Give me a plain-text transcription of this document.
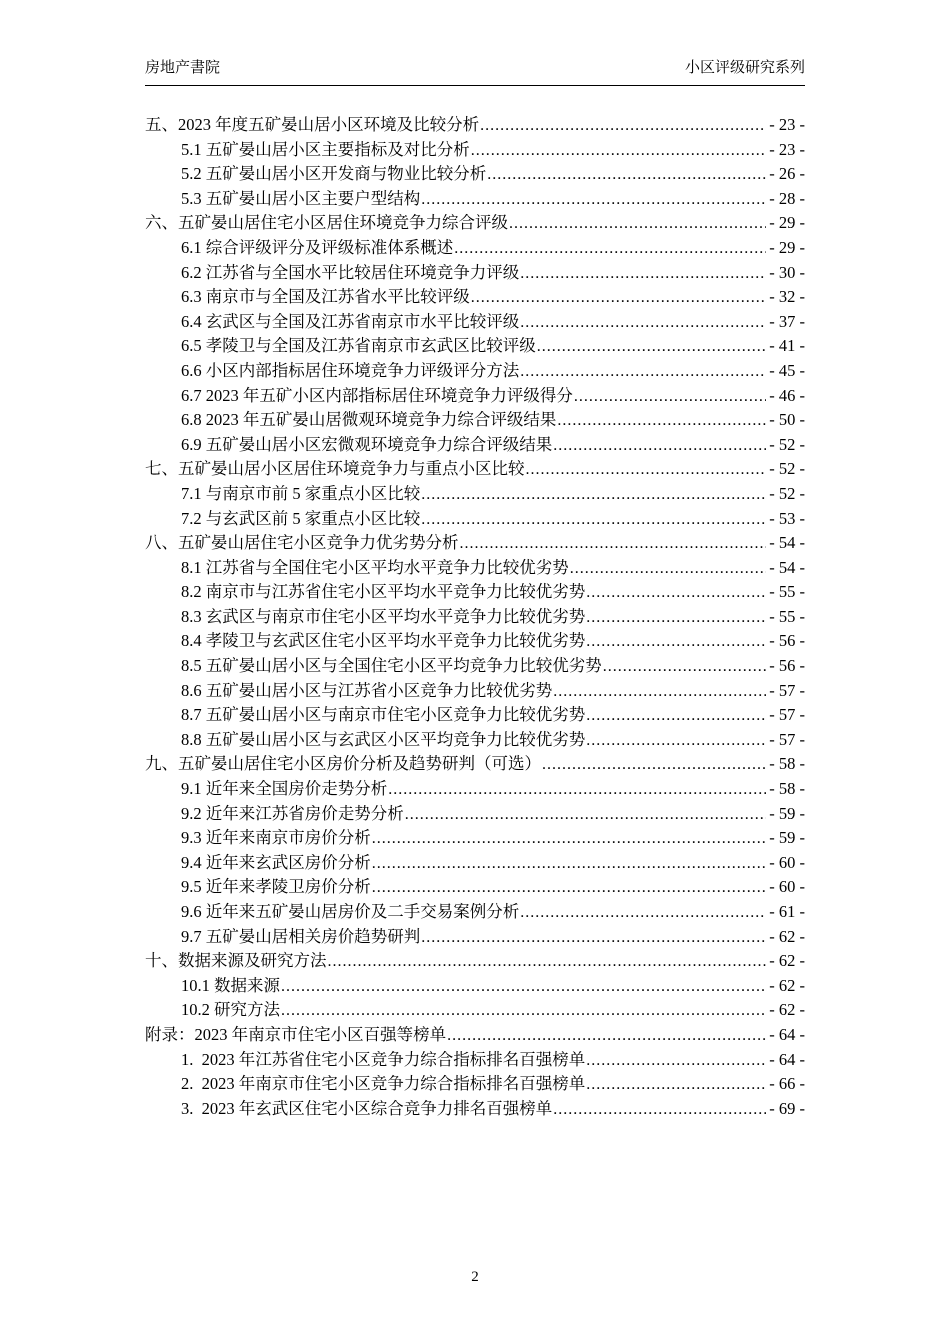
房地产書院	小区评级研究系列
五、2023 年度五矿晏山居小区环境及比较分析 .....	- 23 -
5.1 五矿晏山居小区主要指标及对比分析 .....	- 23 -
5.2 五矿晏山居小区开发商与物业比较分析 .....	- 26 -
5.3 五矿晏山居小区主要户型结构 .....	- 28 -
六、五矿晏山居住宅小区居住环境竞争力综合评级 .....	- 29 -
6.1 综合评级评分及评级标准体系概述 .....	- 29 -
6.2 江苏省与全国水平比较居住环境竞争力评级 .....	- 30 -
6.3 南京市与全国及江苏省水平比较评级 .....	- 32 -
6.4 玄武区与全国及江苏省南京市水平比较评级 .....	- 37 -
6.5 孝陵卫与全国及江苏省南京市玄武区比较评级 .....	- 41 -
6.6 小区内部指标居住环境竞争力评级评分方法 .....	- 45 -
6.7 2023 年五矿小区内部指标居住环境竞争力评级得分 .....	- 46 -
6.8 2023 年五矿晏山居微观环境竞争力综合评级结果 .....	- 50 -
6.9 五矿晏山居小区宏微观环境竞争力综合评级结果 .....	- 52 -
七、五矿晏山居小区居住环境竞争力与重点小区比较 .....	- 52 -
7.1 与南京市前 5 家重点小区比较 .....	- 52 -
7.2 与玄武区前 5 家重点小区比较 .....	- 53 -
八、五矿晏山居住宅小区竞争力优劣势分析 .....	- 54 -
8.1 江苏省与全国住宅小区平均水平竞争力比较优劣势 .....	- 54 -
8.2 南京市与江苏省住宅小区平均水平竞争力比较优劣势 .....	- 55 -
8.3 玄武区与南京市住宅小区平均水平竞争力比较优劣势 .....	- 55 -
8.4 孝陵卫与玄武区住宅小区平均水平竞争力比较优劣势 .....	- 56 -
8.5 五矿晏山居小区与全国住宅小区平均竞争力比较优劣势 .....	- 56 -
8.6 五矿晏山居小区与江苏省小区竞争力比较优劣势 .....	- 57 -
8.7 五矿晏山居小区与南京市住宅小区竞争力比较优劣势 .....	- 57 -
8.8 五矿晏山居小区与玄武区小区平均竞争力比较优劣势 .....	- 57 -
九、五矿晏山居住宅小区房价分析及趋势研判（可选） .....	- 58 -
9.1 近年来全国房价走势分析 .....	- 58 -
9.2 近年来江苏省房价走势分析 .....	- 59 -
9.3 近年来南京市房价分析 .....	- 59 -
9.4 近年来玄武区房价分析 .....	- 60 -
9.5 近年来孝陵卫房价分析 .....	- 60 -
9.6 近年来五矿晏山居房价及二手交易案例分析 .....	- 61 -
9.7 五矿晏山居相关房价趋势研判 .....	- 62 -
十、数据来源及研究方法 .....	- 62 -
10.1 数据来源 .....	- 62 -
10.2 研究方法 .....	- 62 -
附录：2023 年南京市住宅小区百强等榜单 .....	- 64 -
1.  2023 年江苏省住宅小区竞争力综合指标排名百强榜单 .....	- 64 -
2.  2023 年南京市住宅小区竞争力综合指标排名百强榜单 .....	- 66 -
3.  2023 年玄武区住宅小区综合竞争力排名百强榜单 .....	- 69 -
2
